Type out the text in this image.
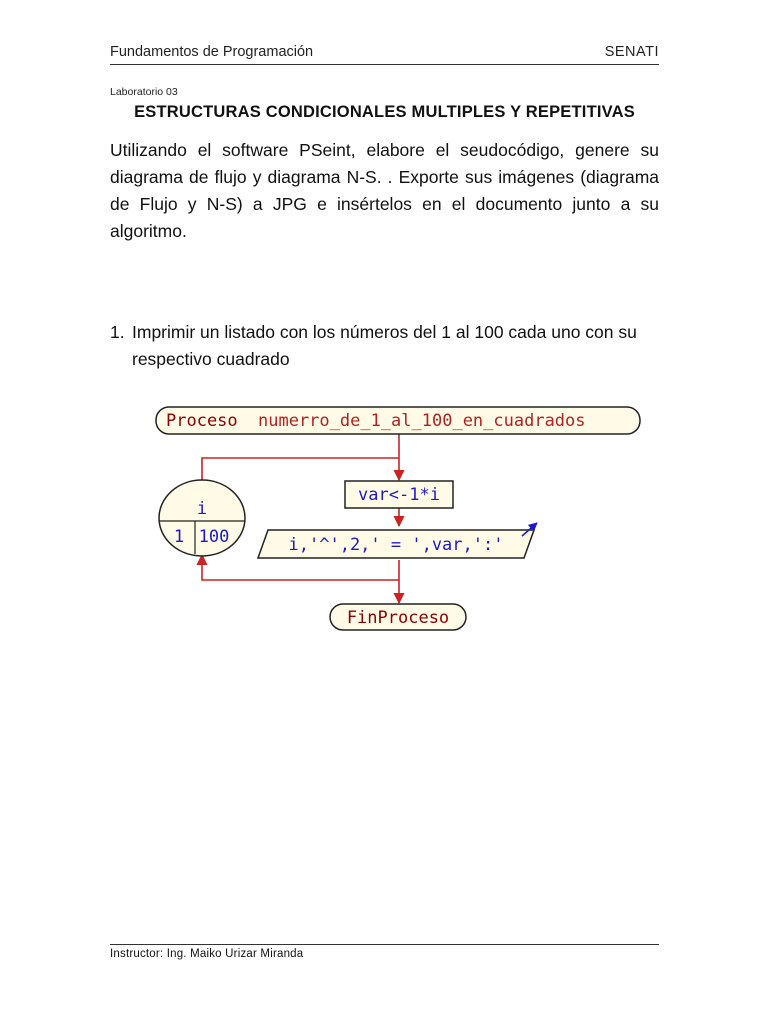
Fundamentos de Programación	SENATI
Laboratorio 03
ESTRUCTURAS CONDICIONALES MULTIPLES Y REPETITIVAS

Utilizando el software PSeint, elabore el seudocódigo, genere su diagrama de flujo y diagrama N-S. . Exporte sus imágenes (diagrama de Flujo y N-S) a JPG e insértelos en el documento junto a su algoritmo.

1. Imprimir un listado con los números del 1 al 100 cada uno con su respectivo cuadrado
Proceso numerro_de_1_al_100_en_cuadrados
i
1 100
var<-1*i
i,'^',2,' = ',var,':'
FinProceso
Instructor: Ing. Maiko Urizar Miranda
